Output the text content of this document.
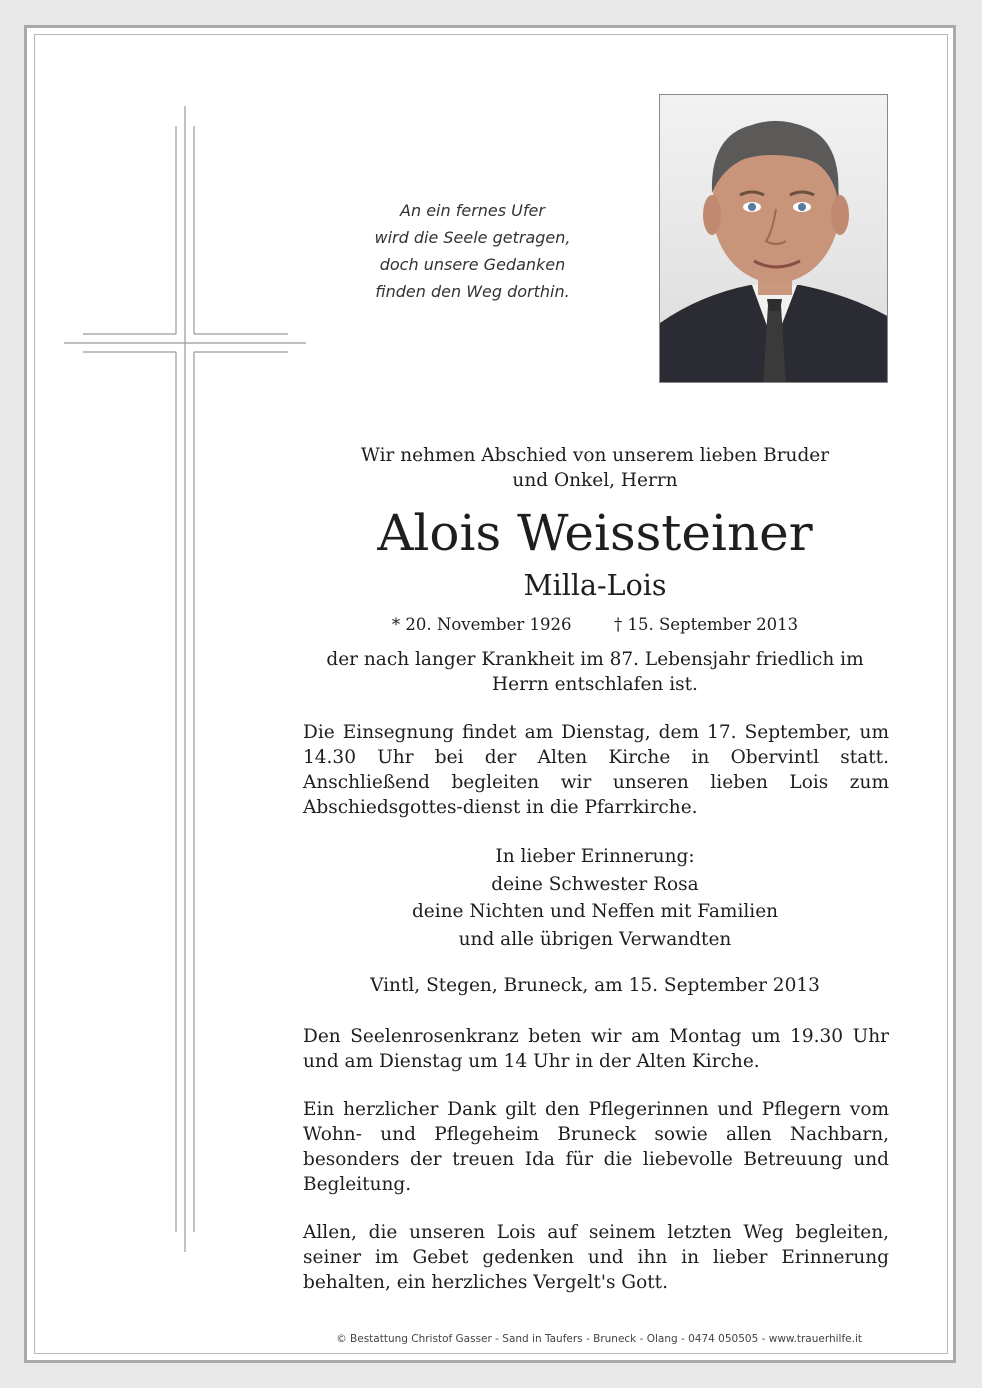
An ein fernes Ufer
wird die Seele getragen,
doch unsere Gedanken
finden den Weg dorthin.
Wir nehmen Abschied von unserem lieben Bruder
und Onkel, Herrn
Alois Weissteiner
Milla-Lois
* 20. November 1926	† 15. September 2013
der nach langer Krankheit im 87. Lebensjahr friedlich im
Herrn entschlafen ist.
Die Einsegnung findet am Dienstag, dem 17. September, um 14.30 Uhr bei der Alten Kirche in Obervintl statt. Anschließend begleiten wir unseren lieben Lois zum Abschiedsgottes-dienst in die Pfarrkirche.
In lieber Erinnerung:
deine Schwester Rosa
deine Nichten und Neffen mit Familien
und alle übrigen Verwandten
Vintl, Stegen, Bruneck, am 15. September 2013
Den Seelenrosenkranz beten wir am Montag um 19.30 Uhr und am Dienstag um 14 Uhr in der Alten Kirche.
Ein herzlicher Dank gilt den Pflegerinnen und Pflegern vom Wohn- und Pflegeheim Bruneck sowie allen Nachbarn, besonders der treuen Ida für die liebevolle Betreuung und Begleitung.
Allen, die unseren Lois auf seinem letzten Weg begleiten, seiner im Gebet gedenken und ihn in lieber Erinnerung behalten, ein herzliches Vergelt's Gott.
© Bestattung Christof Gasser - Sand in Taufers - Bruneck - Olang - 0474 050505 - www.trauerhilfe.it
